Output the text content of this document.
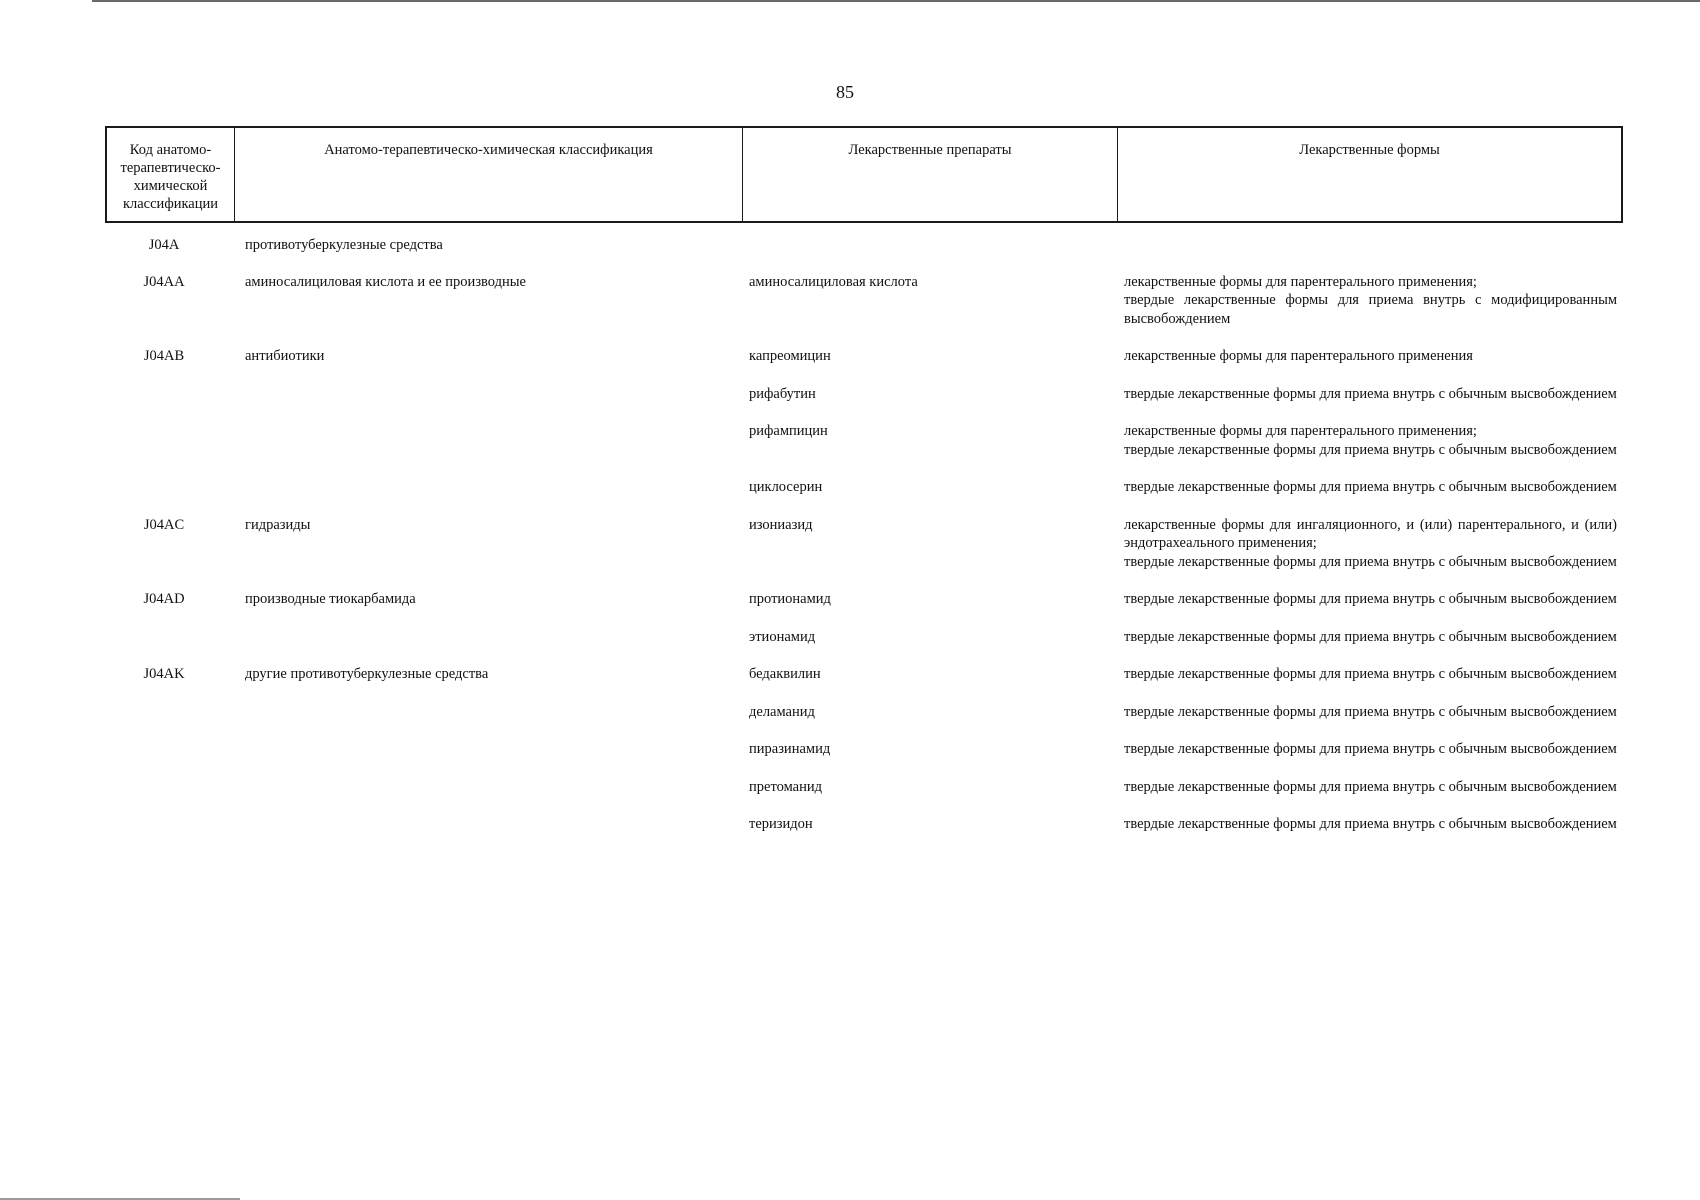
85
Код анатомо-терапевтическо-химической классификации
Анатомо-терапевтическо-химическая классификация	Лекарственные препараты	Лекарственные формы
J04A	противотуберкулезные средства
J04AA	аминосалициловая кислота и ее производные	аминосалициловая кислота	лекарственные формы для парентерального применения;
твердые лекарственные формы для приема внутрь с модифицированным высвобождением
J04AB	антибиотики	капреомицин	лекарственные формы для парентерального применения
рифабутин	твердые лекарственные формы для приема внутрь с обычным высвобождением
рифампицин	лекарственные формы для парентерального применения;
твердые лекарственные формы для приема внутрь с обычным высвобождением
циклосерин	твердые лекарственные формы для приема внутрь с обычным высвобождением
J04AC	гидразиды	изониазид	лекарственные формы для ингаляционного, и (или) парентерального, и (или) эндотрахеального применения;
твердые лекарственные формы для приема внутрь с обычным высвобождением
J04AD	производные тиокарбамида	протионамид	твердые лекарственные формы для приема внутрь с обычным высвобождением
этионамид	твердые лекарственные формы для приема внутрь с обычным высвобождением
J04AK	другие противотуберкулезные средства	бедаквилин	твердые лекарственные формы для приема внутрь с обычным высвобождением
деламанид	твердые лекарственные формы для приема внутрь с обычным высвобождением
пиразинамид	твердые лекарственные формы для приема внутрь с обычным высвобождением
претоманид	твердые лекарственные формы для приема внутрь с обычным высвобождением
теризидон	твердые лекарственные формы для приема внутрь с обычным высвобождением
